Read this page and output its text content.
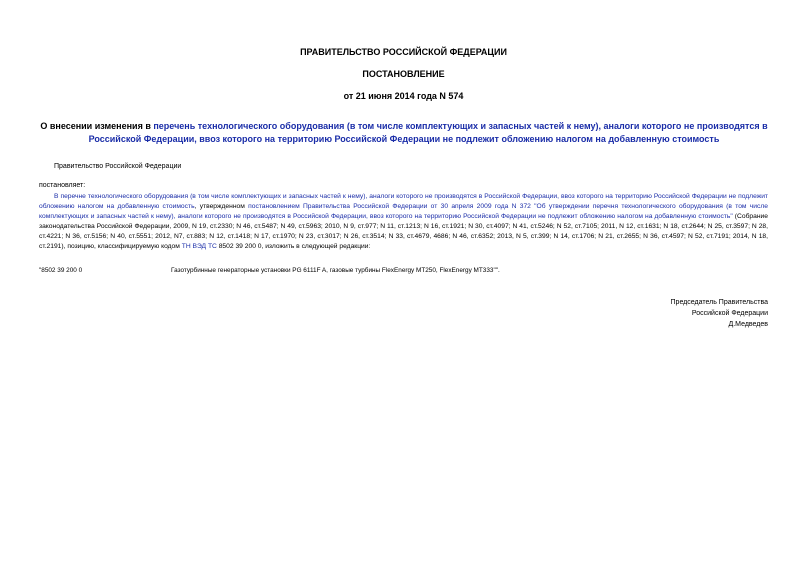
ПРАВИТЕЛЬСТВО РОССИЙСКОЙ ФЕДЕРАЦИИ
ПОСТАНОВЛЕНИЕ
от 21 июня 2014 года N 574
О внесении изменения в перечень технологического оборудования (в том числе комплектующих и запасных частей к нему), аналоги которого не производятся в Российской Федерации, ввоз которого на территорию Российской Федерации не подлежит обложению налогом на добавленную стоимость
Правительство Российской Федерации
постановляет:
В перечне технологического оборудования (в том числе комплектующих и запасных частей к нему), аналоги которого не производятся в Российской Федерации, ввоз которого на территорию Российской Федерации не подлежит обложению налогом на добавленную стоимость, утвержденном постановлением Правительства Российской Федерации от 30 апреля 2009 года N 372 "Об утверждении перечня технологического оборудования (в том числе комплектующих и запасных частей к нему), аналоги которого не производятся в Российской Федерации, ввоз которого на территорию Российской Федерации не подлежит обложению налогом на добавленную стоимость" (Собрание законодательства Российской Федерации, 2009, N 19, ст.2330; N 46, ст.5487; N 49, ст.5963; 2010, N 9, ст.977; N 11, ст.1213; N 16, ст.1921; N 30, ст.4097; N 41, ст.5246; N 52, ст.7105; 2011, N 12, ст.1631; N 18, ст.2644; N 25, ст.3597; N 28, ст.4221; N 36, ст.5156; N 40, ст.5551; 2012, N7, ст.883; N 12, ст.1418; N 17, ст.1970; N 23, ст.3017; N 26, ст.3514; N 33, ст.4679, 4686; N 46, ст.6352; 2013, N 5, ст.399; N 14, ст.1706; N 21, ст.2655; N 36, ст.4597; N 52, ст.7191; 2014, N 18, ст.2191), позицию, классифицируемую кодом ТН ВЭД ТС 8502 39 200 0, изложить в следующей редакции:
"8502 39 200 0	Газотурбинные генераторные установки PG 6111F A, газовые турбины FlexEnergy MT250, FlexEnergy MT333"".
Председатель Правительства
Российской Федерации
Д.Медведев
